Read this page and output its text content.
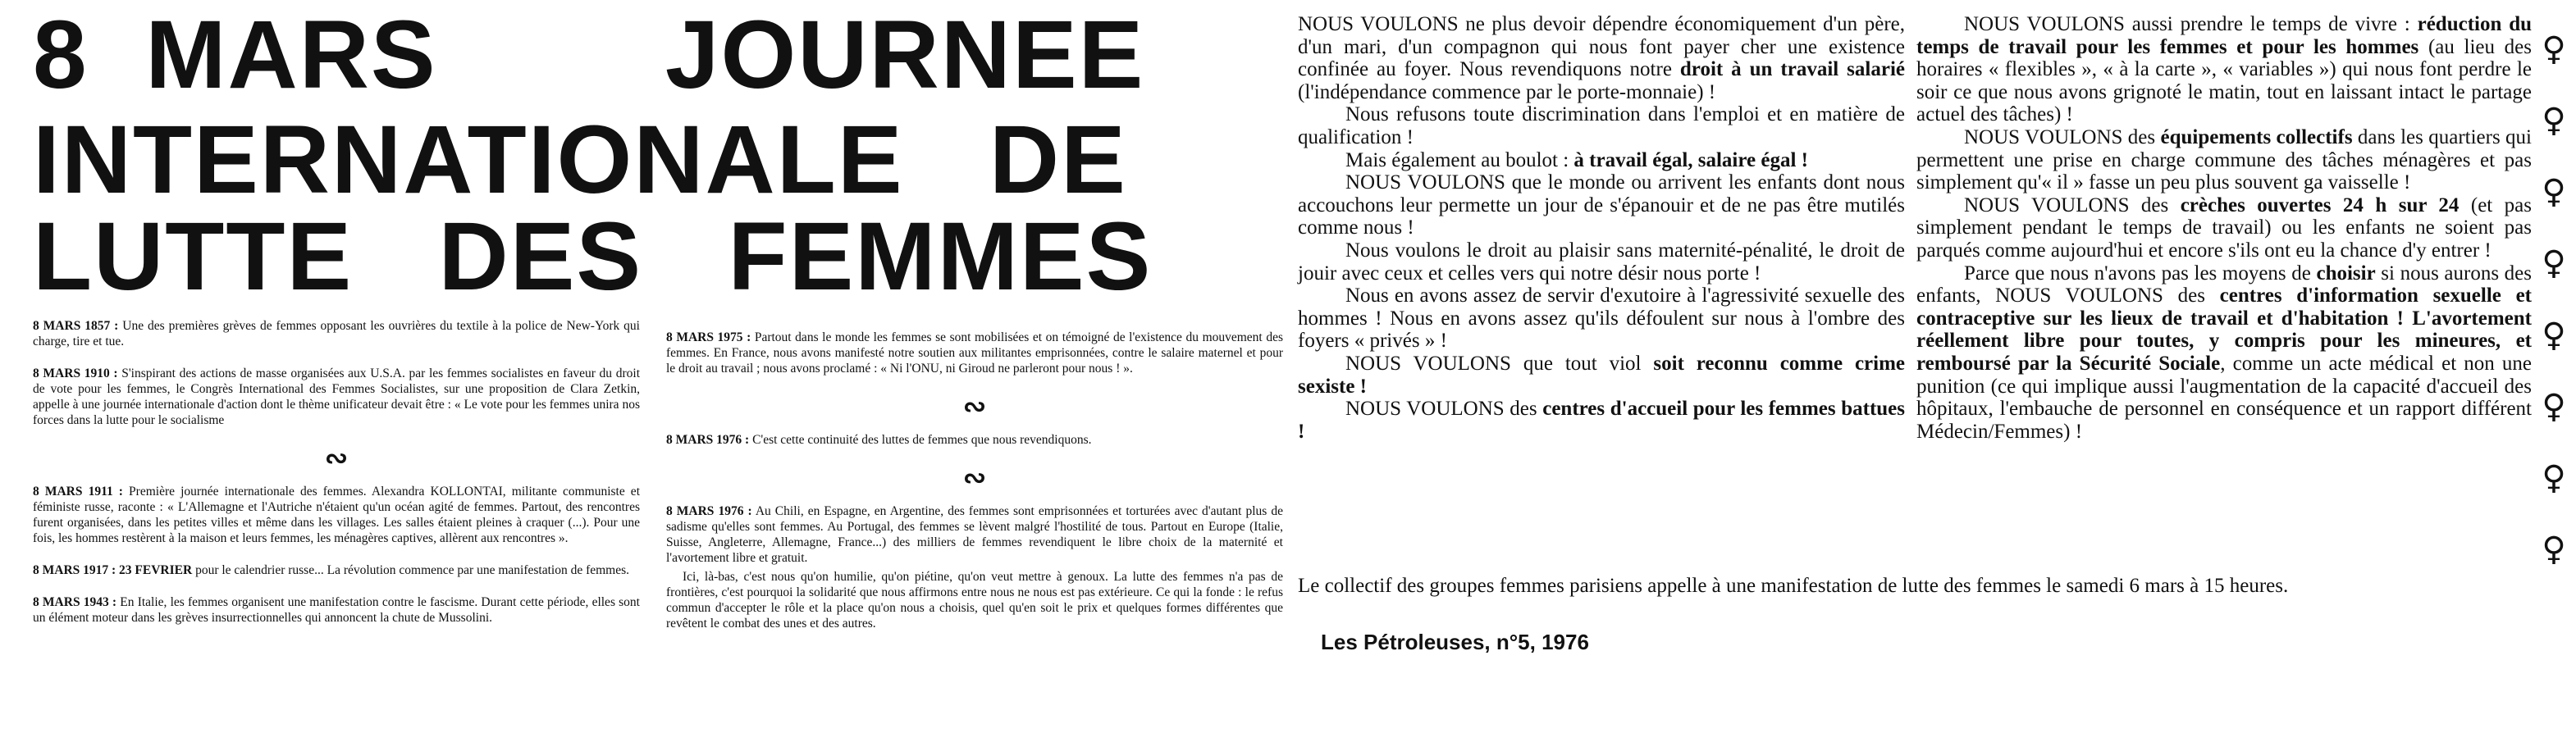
8  MARS        JOURNEE
INTERNATIONALE   DE
LUTTE   DES   FEMMES

8 MARS 1857 : Une des premières grèves de femmes opposant les ouvrières du textile à la police de New-York qui charge, tire et tue.

8 MARS 1910 : S'inspirant des actions de masse organisées aux U.S.A. par les femmes socialistes en faveur du droit de vote pour les femmes, le Congrès International des Femmes Socialistes, sur une proposition de Clara Zetkin, appelle à une journée internationale d'action dont le thème unificateur devait être : « Le vote pour les femmes unira nos forces dans la lutte pour le socialisme

∾

8 MARS 1911 : Première journée internationale des femmes. Alexandra KOLLONTAI, militante communiste et féministe russe, raconte : « L'Allemagne et l'Autriche n'étaient qu'un océan agité de femmes. Partout, des rencontres furent organisées, dans les petites villes et même dans les villages. Les salles étaient pleines à craquer (...). Pour une fois, les hommes restèrent à la maison et leurs femmes, les ménagères captives, allèrent aux rencontres ».

8 MARS 1917 : 23 FEVRIER pour le calendrier russe... La révolution commence par une manifestation de femmes.

8 MARS 1943 : En Italie, les femmes organisent une manifestation contre le fascisme. Durant cette période, elles sont un élément moteur dans les grèves insurrectionnelles qui annoncent la chute de Mussolini.

8 MARS 1975 : Partout dans le monde les femmes se sont mobilisées et on témoigné de l'existence du mouvement des femmes. En France, nous avons manifesté notre soutien aux militantes emprisonnées, contre le salaire maternel et pour le droit au travail ; nous avons proclamé : « Ni l'ONU, ni Giroud ne parleront pour nous ! ».

∾

8 MARS 1976 : C'est cette continuité des luttes de femmes que nous revendiquons.

∾

8 MARS 1976 : Au Chili, en Espagne, en Argentine, des femmes sont emprisonnées et torturées avec d'autant plus de sadisme qu'elles sont femmes. Au Portugal, des femmes se lèvent malgré l'hostilité de tous. Partout en Europe (Italie, Suisse, Angleterre, Allemagne, France...) des milliers de femmes revendiquent le libre choix de la maternité et l'avortement libre et gratuit.

Ici, là-bas, c'est nous qu'on humilie, qu'on piétine, qu'on veut mettre à genoux. La lutte des femmes n'a pas de frontières, c'est pourquoi la solidarité que nous affirmons entre nous ne nous est pas extérieure. Ce qui la fonde : le refus commun d'accepter le rôle et la place qu'on nous a choisis, quel qu'en soit le prix et quelques formes différentes que revêtent le combat des unes et des autres.

NOUS VOULONS ne plus devoir dépendre économiquement d'un père, d'un mari, d'un compagnon qui nous font payer cher une existence confinée au foyer. Nous revendiquons notre droit à un travail salarié (l'indépendance commence par le porte-monnaie) !

Nous refusons toute discrimination dans l'emploi et en matière de qualification !

Mais également au boulot : à travail égal, salaire égal !

NOUS VOULONS que le monde ou arrivent les enfants dont nous accouchons leur permette un jour de s'épanouir et de ne pas être mutilés comme nous !

Nous voulons le droit au plaisir sans maternité-pénalité, le droit de jouir avec ceux et celles vers qui notre désir nous porte !

Nous en avons assez de servir d'exutoire à l'agressivité sexuelle des hommes ! Nous en avons assez qu'ils défoulent sur nous à l'ombre des foyers « privés » !

NOUS VOULONS que tout viol soit reconnu comme crime sexiste !

NOUS VOULONS des centres d'accueil pour les femmes battues !

NOUS VOULONS aussi prendre le temps de vivre : réduction du temps de travail pour les femmes et pour les hommes (au lieu des horaires « flexibles », « à la carte », « variables ») qui nous font perdre le soir ce que nous avons grignoté le matin, tout en laissant intact le partage actuel des tâches) !

NOUS VOULONS des équipements collectifs dans les quartiers qui permettent une prise en charge commune des tâches ménagères et pas simplement qu'« il » fasse un peu plus souvent ga vaisselle !

NOUS VOULONS des crèches ouvertes 24 h sur 24 (et pas simplement pendant le temps de travail) ou les enfants ne soient pas parqués comme aujourd'hui et encore s'ils ont eu la chance d'y entrer !

Parce que nous n'avons pas les moyens de choisir si nous aurons des enfants, NOUS VOULONS des centres d'information sexuelle et contraceptive sur les lieux de travail et d'habitation ! L'avortement réellement libre pour toutes, y compris pour les mineures, et remboursé par la Sécurité Sociale, comme un acte médical et non une punition (ce qui implique aussi l'augmentation de la capacité d'accueil des hôpitaux, l'embauche de personnel en conséquence et un rapport différent Médecin/Femmes) !

♀
♀
♀
♀
♀
♀
♀
♀
Le collectif des groupes femmes parisiens appelle à une manifestation de lutte des femmes le samedi 6 mars à 15 heures.
Les Pétroleuses, n°5, 1976
